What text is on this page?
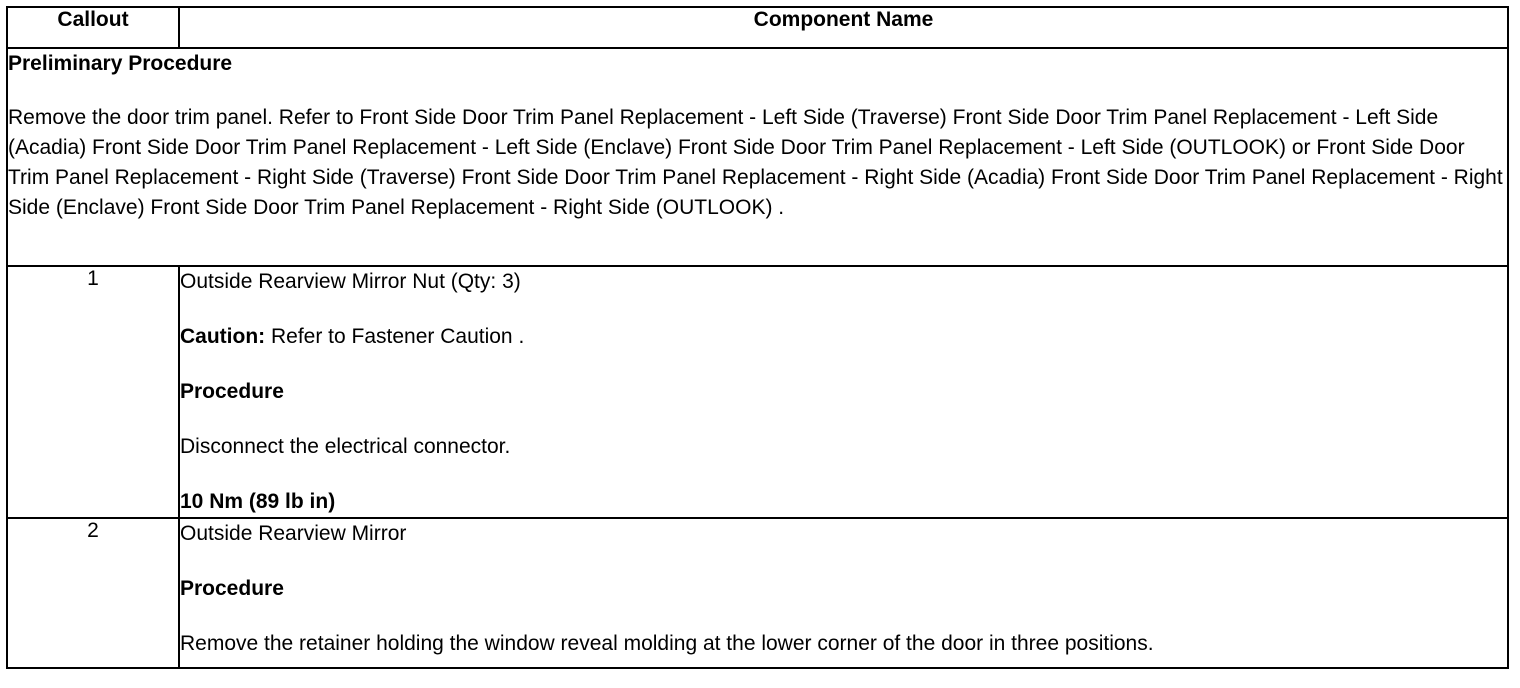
Callout	Component Name

Preliminary Procedure
Remove the door trim panel. Refer to Front Side Door Trim Panel Replacement - Left Side (Traverse) Front Side Door Trim Panel Replacement - Left Side (Acadia) Front Side Door Trim Panel Replacement - Left Side (Enclave) Front Side Door Trim Panel Replacement - Left Side (OUTLOOK) or Front Side Door Trim Panel Replacement - Right Side (Traverse) Front Side Door Trim Panel Replacement - Right Side (Acadia) Front Side Door Trim Panel Replacement - Right Side (Enclave) Front Side Door Trim Panel Replacement - Right Side (OUTLOOK) .	

1	Outside Rearview Mirror Nut (Qty: 3)
Caution: Refer to Fastener Caution .
Procedure
Disconnect the electrical connector.
10 Nm (89 lb in)

2	Outside Rearview Mirror
Procedure
Remove the retainer holding the window reveal molding at the lower corner of the door in three positions.
